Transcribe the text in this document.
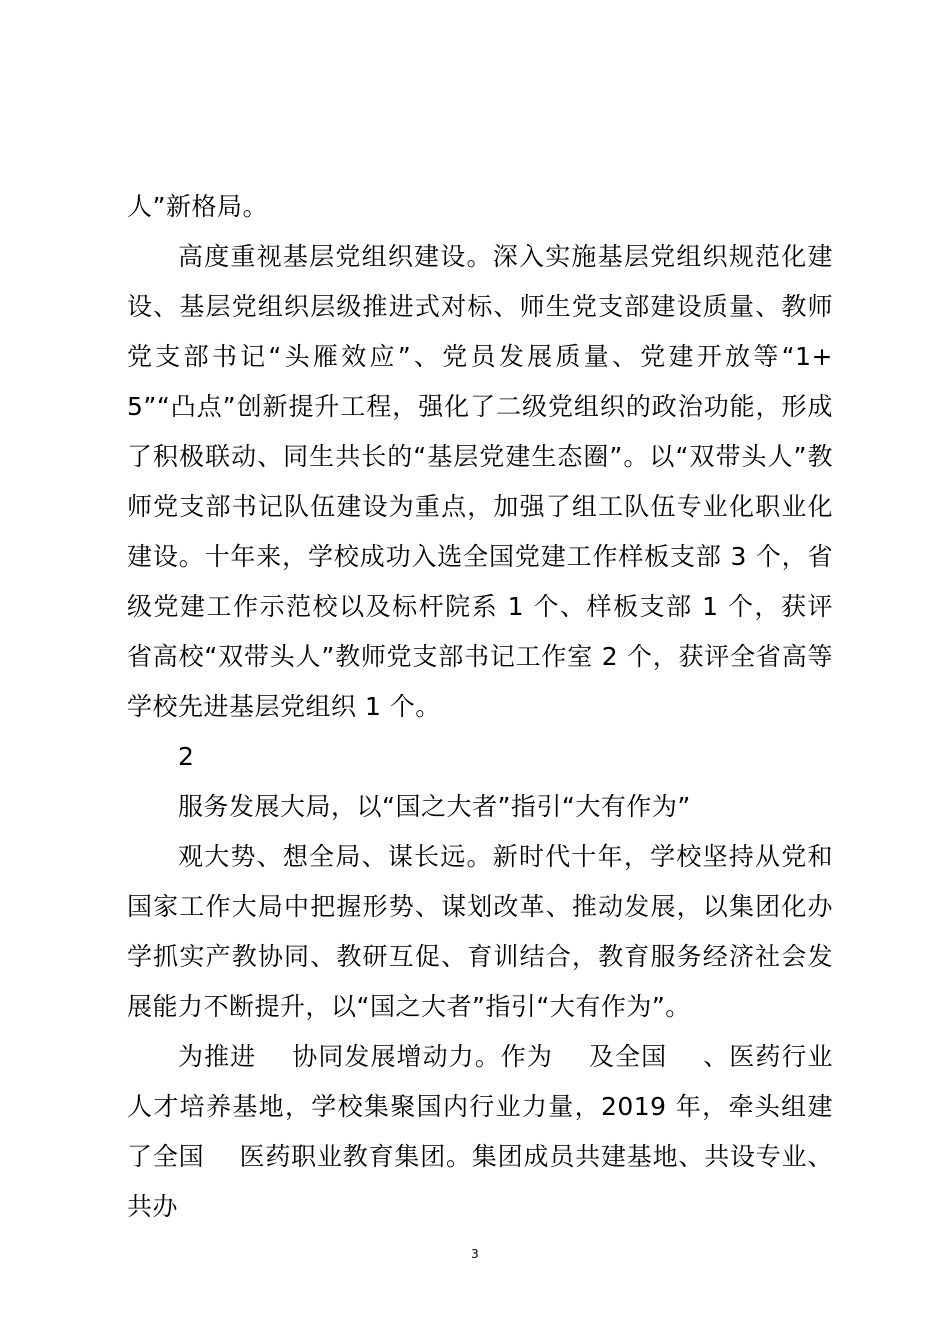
人”新格局。

高度重视基层党组织建设。深入实施基层党组织规范化建设、基层党组织层级推进式对标、师生党支部建设质量、教师党支部书记“头雁效应”、党员发展质量、党建开放等“1+5”“凸点”创新提升工程，强化了二级党组织的政治功能，形成了积极联动、同生共长的“基层党建生态圈”。以“双带头人”教师党支部书记队伍建设为重点，加强了组工队伍专业化职业化建设。十年来，学校成功入选全国党建工作样板支部 3 个，省级党建工作示范校以及标杆院系 1 个、样板支部 1 个，获评    省高校“双带头人”教师党支部书记工作室 2 个，获评全省高等学校先进基层党组织 1 个。

2

服务发展大局，以“国之大者”指引“大有作为”

观大势、想全局、谋长远。新时代十年，学校坚持从党和国家工作大局中把握形势、谋划改革、推动发展，以集团化办学抓实产教协同、教研互促、育训结合，教育服务经济社会发展能力不断提升，以“国之大者”指引“大有作为”。

为推进    协同发展增动力。作为    及全国    、医药行业人才培养基地，学校集聚国内行业力量，2019 年，牵头组建了全国    医药职业教育集团。集团成员共建基地、共设专业、共办

3
